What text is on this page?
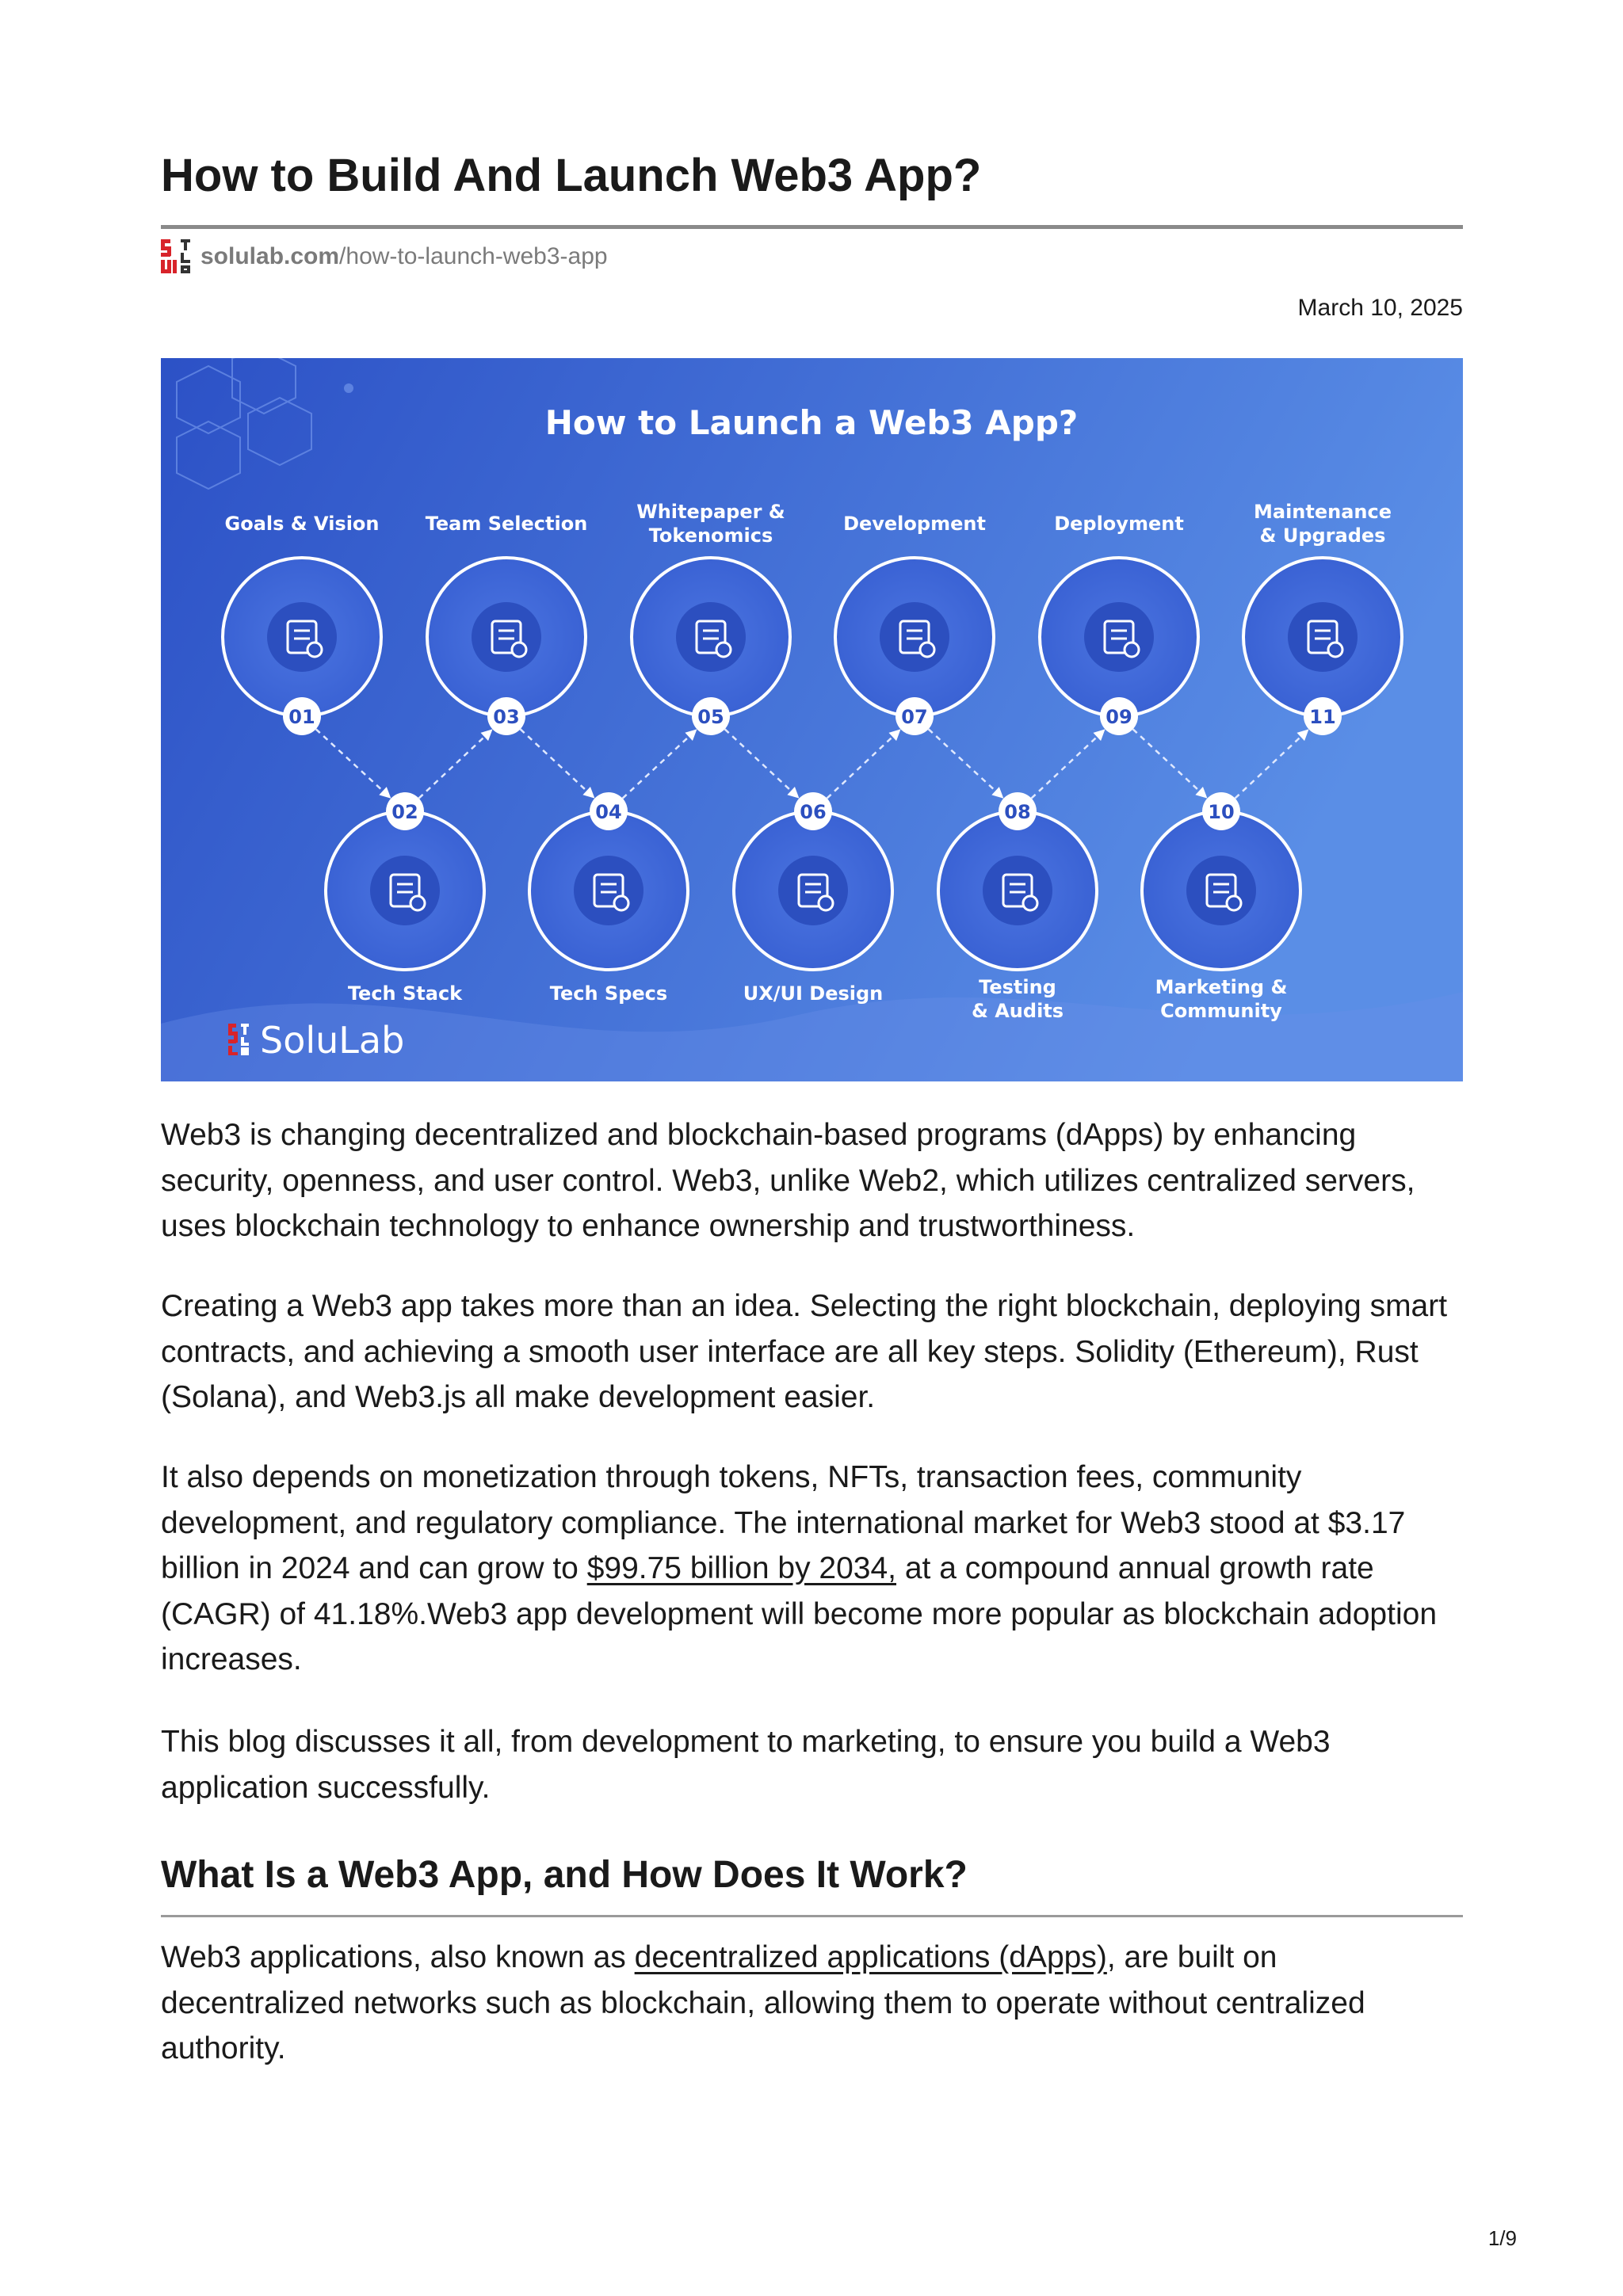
How to Build And Launch Web3 App?
solulab.com /how-to-launch-web3-app
March 10, 2025
How to Launch a Web3 App?
01
Goals & Vision
02
Tech Stack
03
Team Selection
04
Tech Specs
05
Whitepaper &
Tokenomics
06
UX/UI Design
07
Development
08
Testing
& Audits
09
Deployment
10
Marketing &
Community
11
Maintenance
& Upgrades
SoluLab

Web3 is changing decentralized and blockchain-based programs (dApps) by enhancing security, openness, and user control. Web3, unlike Web2, which utilizes centralized servers, uses blockchain technology to enhance ownership and trustworthiness.

Creating a Web3 app takes more than an idea. Selecting the right blockchain, deploying smart contracts, and achieving a smooth user interface are all key steps. Solidity (Ethereum), Rust (Solana), and Web3.js all make development easier.

It also depends on monetization through tokens, NFTs, transaction fees, community development, and regulatory compliance. The international market for Web3 stood at $3.17 billion in 2024 and can grow to $99.75 billion by 2034, at a compound annual growth rate (CAGR) of 41.18%.Web3 app development will become more popular as blockchain adoption increases.

This blog discusses it all, from development to marketing, to ensure you build a Web3 application successfully.

What Is a Web3 App, and How Does It Work?

Web3 applications, also known as decentralized applications (dApps), are built on decentralized networks such as blockchain, allowing them to operate without centralized authority.

1/9
